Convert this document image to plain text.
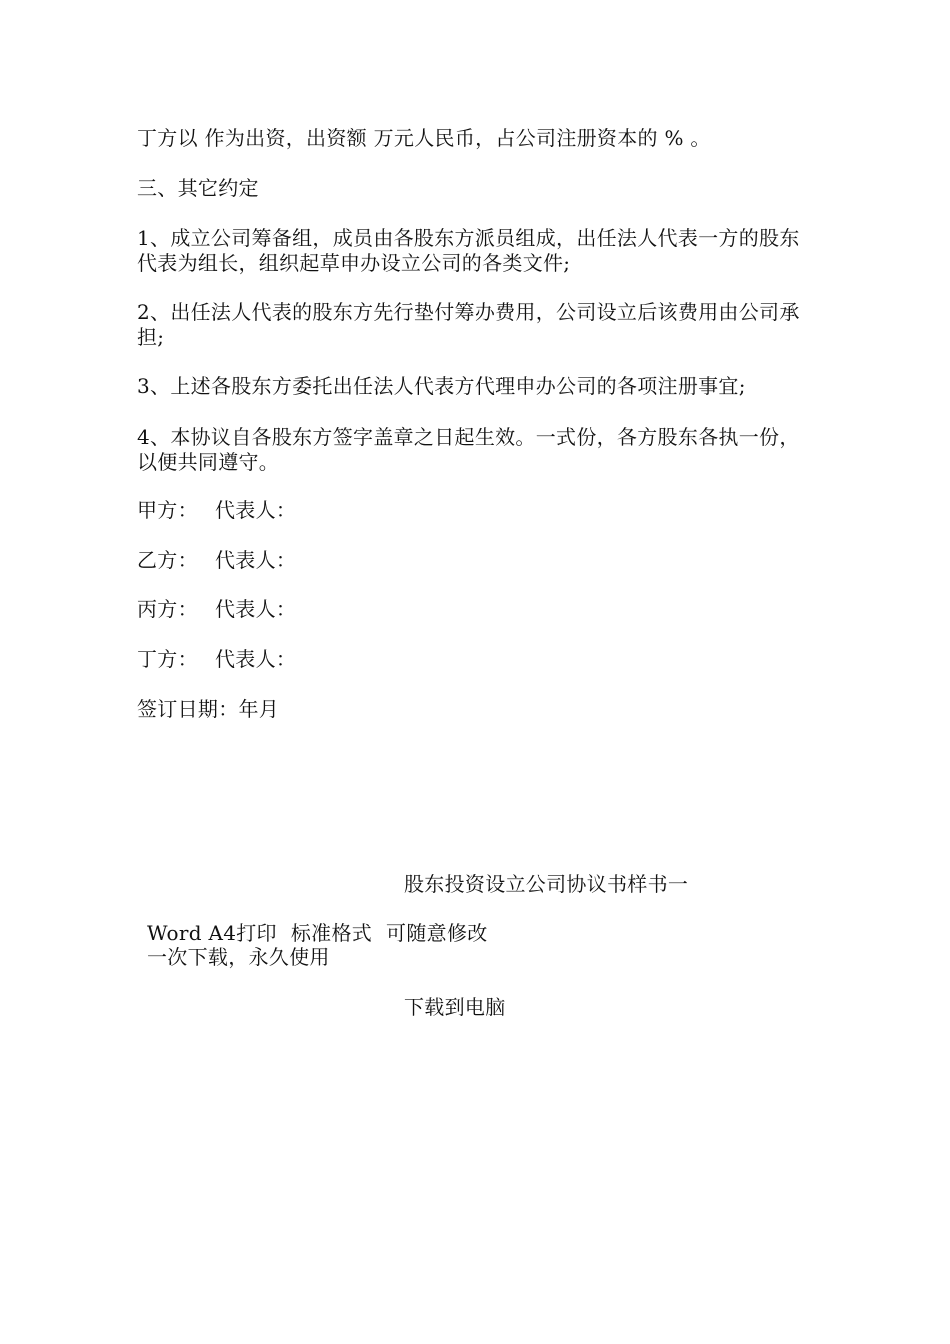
丁方以 作为出资，出资额 万元人民币，占公司注册资本的 % 。

三、其它约定

1、成立公司筹备组，成员由各股东方派员组成，出任法人代表一方的股东代表为组长，组织起草申办设立公司的各类文件;

2、出任法人代表的股东方先行垫付筹办费用，公司设立后该费用由公司承担;

3、上述各股东方委托出任法人代表方代理申办公司的各项注册事宜;

4、本协议自各股东方签字盖章之日起生效。一式份，各方股东各执一份，以便共同遵守。

甲方： 代表人：

乙方： 代表人：

丙方： 代表人：

丁方： 代表人：

签订日期：年月

股东投资设立公司协议书样书一
Word A4打印 标准格式 可随意修改
一次下载，永久使用
下载到电脑
